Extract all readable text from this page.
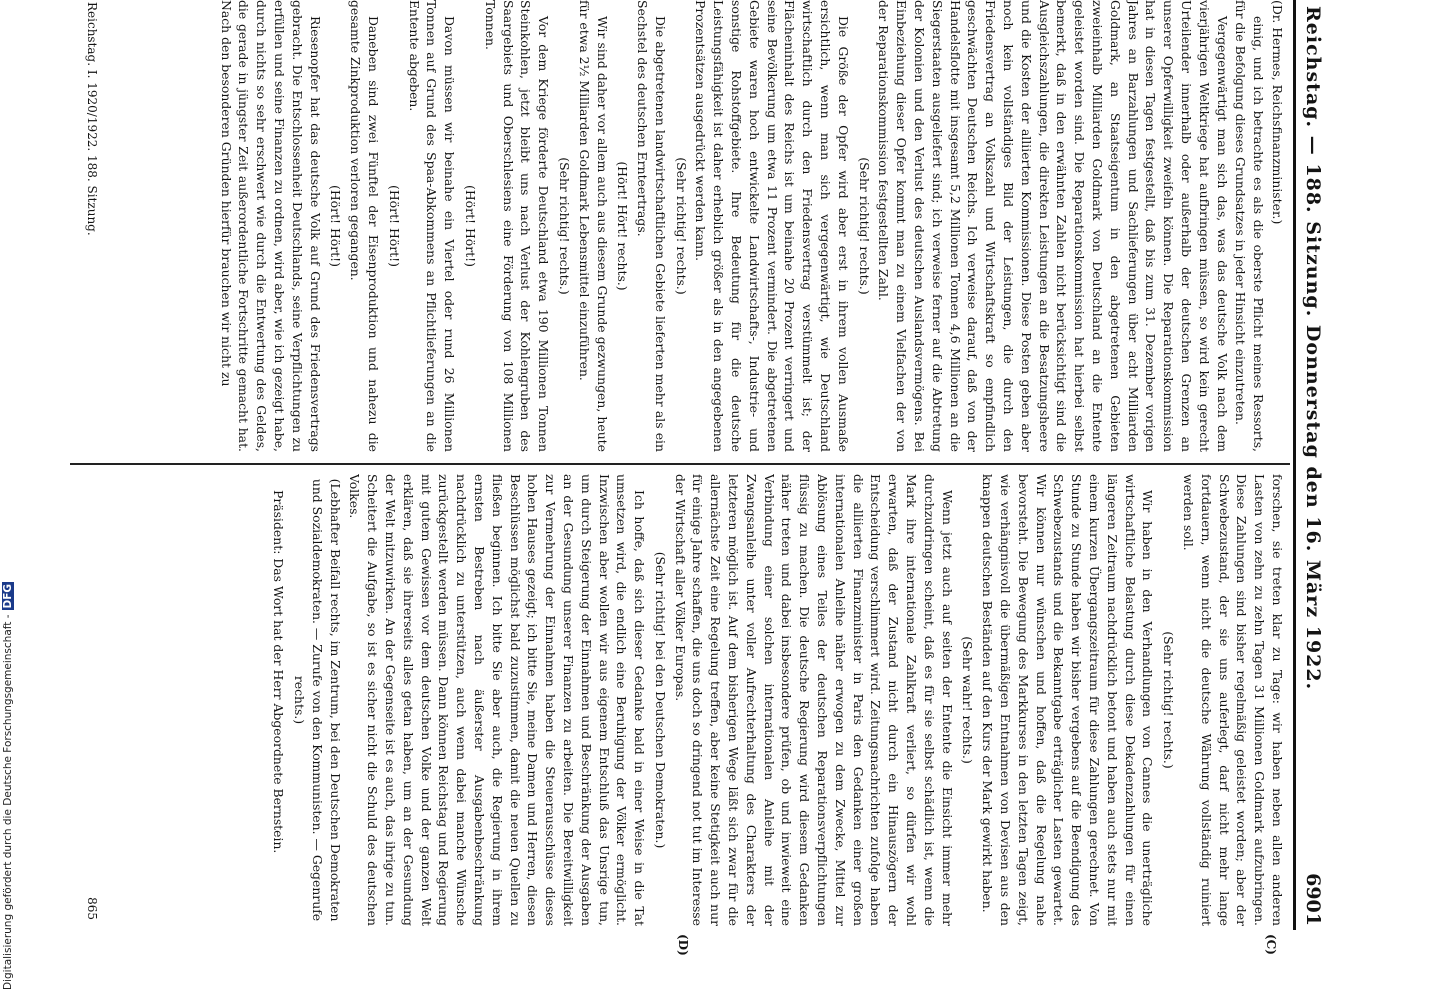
Reichstag. — 188. Sitzung. Donnerstag den 16. März 1922.
6901
(C)
(D)

(Dr. Hermes, Reichsfinanzminister.)

einig, und ich betrachte es als die oberste Pflicht meines Ressorts, für die Befolgung dieses Grundsatzes in jeder Hinsicht einzutreten.

Vergegenwärtigt man sich das, was das deutsche Volk nach dem vierjährigen Weltkriege hat aufbringen müssen, so wird kein gerecht Urteilender innerhalb oder außerhalb der deutschen Grenzen an unserer Opferwilligkeit zweifeln können. Die Reparationskommission hat in diesen Tagen festgestellt, daß bis zum 31. Dezember vorigen Jahres an Barzahlungen und Sachlieferungen über acht Milliarden Goldmark, an Staatseigentum in den abgetretenen Gebieten zweieinhalb Milliarden Goldmark von Deutschland an die Entente geleistet worden sind. Die Reparationskommission hat hierbei selbst bemerkt, daß in den erwähnten Zahlen nicht berücksichtigt sind die Ausgleichszahlungen, die direkten Leistungen an die Besatzungsheere und die Kosten der alliierten Kommissionen. Diese Posten geben aber noch kein vollständiges Bild der Leistungen, die durch den Friedensvertrag an Volkszahl und Wirtschaftskraft so empfindlich geschwächten Deutschen Reichs. Ich verweise darauf, daß von der Handelsflotte mit insgesamt 5,2 Millionen Tonnen 4,6 Millionen an die Siegerstaaten ausgeliefert sind; ich verweise ferner auf die Abtretung der Kolonien und den Verlust des deutschen Auslandsvermögens. Bei Einbeziehung dieser Opfer kommt man zu einem Vielfachen der von der Reparationskommission festgestellten Zahl.

(Sehr richtig! rechts.)

Die Größe der Opfer wird aber erst in ihrem vollen Ausmaße ersichtlich, wenn man sich vergegenwärtigt, wie Deutschland wirtschaftlich durch den Friedensvertrag verstümmelt ist; der Flächeninhalt des Reichs ist um beinahe 20 Prozent verringert und seine Bevölkerung um etwa 11 Prozent vermindert. Die abgetretenen Gebiete waren hoch entwickelte Landwirtschafts-, Industrie- und sonstige Rohstoffgebiete. Ihre Bedeutung für die deutsche Leistungsfähigkeit ist daher erheblich größer als in den angegebenen Prozentsätzen ausgedrückt werden kann.

(Sehr richtig! rechts.)

Die abgetretenen landwirtschaftlichen Gebiete lieferten mehr als ein Sechstel des deutschen Ernteertrags.

(Hört! Hört! rechts.)

Wir sind daher vor allem auch aus diesem Grunde gezwungen, heute für etwa 2½ Milliarden Goldmark Lebensmittel einzuführen.

(Sehr richtig! rechts.)

Vor dem Kriege förderte Deutschland etwa 190 Millionen Tonnen Steinkohlen, jetzt bleibt uns nach Verlust der Kohlengruben des Saargebiets und Oberschlesiens eine Förderung von 108 Millionen Tonnen.

(Hört! Hört!)

Davon müssen wir beinahe ein Viertel oder rund 26 Millionen Tonnen auf Grund des Spaa-Abkommens an Pflichtlieferungen an die Entente abgeben.

(Hört! Hört!)

Daneben sind zwei Fünftel der Eisenproduktion und nahezu die gesamte Zinkproduktion verloren gegangen.

(Hört! Hört!)

Riesenopfer hat das deutsche Volk auf Grund des Friedensvertrags gebracht. Die Entschlossenheit Deutschlands, seine Verpflichtungen zu erfüllen und seine Finanzen zu ordnen, wird aber, wie ich gezeigt habe, durch nichts so sehr erschwert wie durch die Entwertung des Geldes, die gerade in jüngster Zeit außerordentliche Fortschritte gemacht hat. Nach den besonderen Gründen hierfür brauchen wir nicht zu

forschen, sie treten klar zu Tage: wir haben neben allen anderen Lasten von zehn zu zehn Tagen 31 Millionen Goldmark aufzubringen. Diese Zahlungen sind bisher regelmäßig geleistet worden; aber der Schwebezustand, der sie uns auferlegt, darf nicht mehr lange fortdauern, wenn nicht die deutsche Währung vollständig ruiniert werden soll.

(Sehr richtig! rechts.)

Wir haben in den Verhandlungen von Cannes die unerträgliche wirtschaftliche Belastung durch diese Dekadenzahlungen für einen längeren Zeitraum nachdrücklich betont und haben auch stets nur mit einem kurzen Übergangszeitraum für diese Zahlungen gerechnet. Von Stunde zu Stunde haben wir bisher vergebens auf die Beendigung des Schwebezustands und die Bekanntgabe erträglicher Lasten gewartet. Wir können nur wünschen und hoffen, daß die Regelung nahe bevorsteht. Die Bewegung des Markkurses in den letzten Tagen zeigt, wie verhängnisvoll die übermäßigen Entnahmen von Devisen aus den knappen deutschen Beständen auf den Kurs der Mark gewirkt haben.

(Sehr wahr! rechts.)

Wenn jetzt auch auf seiten der Entente die Einsicht immer mehr durchzudringen scheint, daß es für sie selbst schädlich ist, wenn die Mark ihre internationale Zahlkraft verliert, so dürfen wir wohl erwarten, daß der Zustand nicht durch ein Hinauszögern der Entscheidung verschlimmert wird. Zeitungsnachrichten zufolge haben die alliierten Finanzminister in Paris den Gedanken einer großen internationalen Anleihe näher erwogen zu dem Zwecke, Mittel zur Ablösung eines Teiles der deutschen Reparationsverpflichtungen flüssig zu machen. Die deutsche Regierung wird diesem Gedanken näher treten und dabei insbesondere prüfen, ob und inwieweit eine Verbindung einer solchen internationalen Anleihe mit der Zwangsanleihe unter voller Aufrechterhaltung des Charakters der letzteren möglich ist. Auf dem bisherigen Wege läßt sich zwar für die allernächste Zeit eine Regelung treffen, aber keine Stetigkeit auch nur für einige Jahre schaffen, die uns doch so dringend not tut im Interesse der Wirtschaft aller Völker Europas.

(Sehr richtig! bei den Deutschen Demokraten.)

Ich hoffe, daß sich dieser Gedanke bald in einer Weise in die Tat umsetzen wird, die endlich eine Beruhigung der Völker ermöglicht. Inzwischen aber wollen wir aus eigenem Entschluß das Unsrige tun, um durch Steigerung der Einnahmen und Beschränkung der Ausgaben an der Gesundung unserer Finanzen zu arbeiten. Die Bereitwilligkeit zur Vermehrung der Einnahmen haben die Steuerausschüsse dieses hohen Hauses gezeigt; ich bitte Sie, meine Damen und Herren, diesen Beschlüssen möglichst bald zuzustimmen, damit die neuen Quellen zu fließen beginnen. Ich bitte Sie aber auch, die Regierung in ihrem ernsten Bestreben nach äußerster Ausgabenbeschränkung nachdrücklich zu unterstützen, auch wenn dabei manche Wünsche zurückgestellt werden müssen. Dann können Reichstag und Regierung mit gutem Gewissen vor dem deutschen Volke und der ganzen Welt erklären, daß sie ihrerseits alles getan haben, um an der Gesundung der Welt mitzuwirken. An der Gegenseite ist es auch, das ihrige zu tun. Scheitert die Aufgabe, so ist es sicher nicht die Schuld des deutschen Volkes.

(Lebhafter Beifall rechts, im Zentrum, bei den Deutschen Demokraten und Sozialdemokraten. — Zurufe von den Kommunisten. — Gegenrufe rechts.)

Präsident: Das Wort hat der Herr Abgeordnete Bernstein.

Reichstag. I. 1920/1922. 188. Sitzung.
865
Digitalisierung gefördert durch die Deutsche Forschungsgemeinschaft -DFG
